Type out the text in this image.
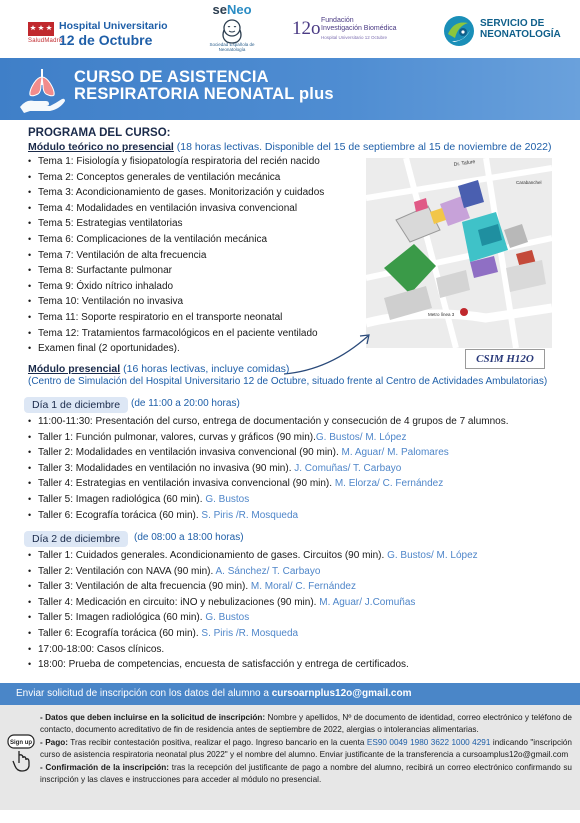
SaludMadrid
Hospital Universitario
12 de Octubre
seNeo
Sociedad Española de Neonatología
12o Fundación
Investigación Biomédica
Hospital Universitario 12 Octubre
SERVICIO DE
NEONATOLOGÍA
CURSO DE ASISTENCIA
RESPIRATORIA NEONATAL plus
PROGRAMA DEL CURSO:
Módulo teórico no presencial (18 horas lectivas. Disponible del 15 de septiembre al 15 de noviembre de 2022)
• Tema 1: Fisiología y fisiopatología respiratoria del recién nacido
• Tema 2: Conceptos generales de ventilación mecánica
• Tema 3: Acondicionamiento de gases. Monitorización y cuidados
• Tema 4: Modalidades en ventilación invasiva convencional
• Tema 5: Estrategias ventilatorias
• Tema 6: Complicaciones de la ventilación mecánica
• Tema 7: Ventilación de alta frecuencia
• Tema 8: Surfactante pulmonar
• Tema 9: Óxido nítrico inhalado
• Tema 10: Ventilación no invasiva
• Tema 11: Soporte respiratorio en el transporte neonatal
• Tema 12: Tratamientos farmacológicos en el paciente ventilado
• Examen final (2 oportunidades).
Dr. Tafure
Carabanchel
Metro línea 3
CSIM H12O
Módulo presencial (16 horas lectivas, incluye comidas)
(Centro de Simulación del Hospital Universitario 12 de Octubre, situado frente al Centro de Actividades Ambulatorias)
Día 1 de diciembre	(de 11:00 a 20:00 horas)
• 11:00-11:30: Presentación del curso, entrega de documentación y consecución de 4 grupos de 7 alumnos.
• Taller 1: Función pulmonar, valores, curvas y gráficos (90 min).G. Bustos/ M. López
• Taller 2: Modalidades en ventilación invasiva convencional (90 min). M. Aguar/ M. Palomares
• Taller 3: Modalidades en ventilación no invasiva (90 min). J. Comuñas/ T. Carbayo
• Taller 4: Estrategias en ventilación invasiva convencional (90 min). M. Elorza/ C. Fernández
• Taller 5: Imagen radiológica (60 min). G. Bustos
• Taller 6: Ecografía torácica (60 min). S. Piris /R. Mosqueda
Día 2 de diciembre	(de 08:00 a 18:00 horas)
• Taller 1: Cuidados generales. Acondicionamiento de gases. Circuitos (90 min). G. Bustos/ M. López
• Taller 2: Ventilación con NAVA (90 min). A. Sánchez/ T. Carbayo
• Taller 3: Ventilación de alta frecuencia (90 min). M. Moral/ C. Fernández
• Taller 4: Medicación en circuito: iNO y nebulizaciones (90 min). M. Aguar/ J.Comuñas
• Taller 5: Imagen radiológica (60 min). G. Bustos
• Taller 6: Ecografía torácica (60 min). S. Piris /R. Mosqueda
• 17:00-18:00: Casos clínicos.
• 18:00: Prueba de competencias, encuesta de satisfacción y entrega de certificados.
Enviar solicitud de inscripción con los datos del alumno a cursoarnplus12o@gmail.com
Sign up

- Datos que deben incluirse en la solicitud de inscripción: Nombre y apellidos, Nº de documento de identidad, correo electrónico y teléfono de contacto, documento acreditativo de fin de residencia antes de septiembre de 2022, alergias o intolerancias alimentarias.

- Pago: Tras recibir contestación positiva, realizar el pago. Ingreso bancario en la cuenta ES90 0049 1980 3622 1000 4291 indicando "inscripción curso de asistencia respiratoria neonatal plus 2022" y el nombre del alumno. Enviar justificante de la transferencia a cursoamplus12o@gmail.com

- Confirmación de la inscripción: tras la recepción del justificante de pago a nombre del alumno, recibirá un correo electrónico confirmando su inscripción y las claves e instrucciones para acceder al módulo no presencial.
